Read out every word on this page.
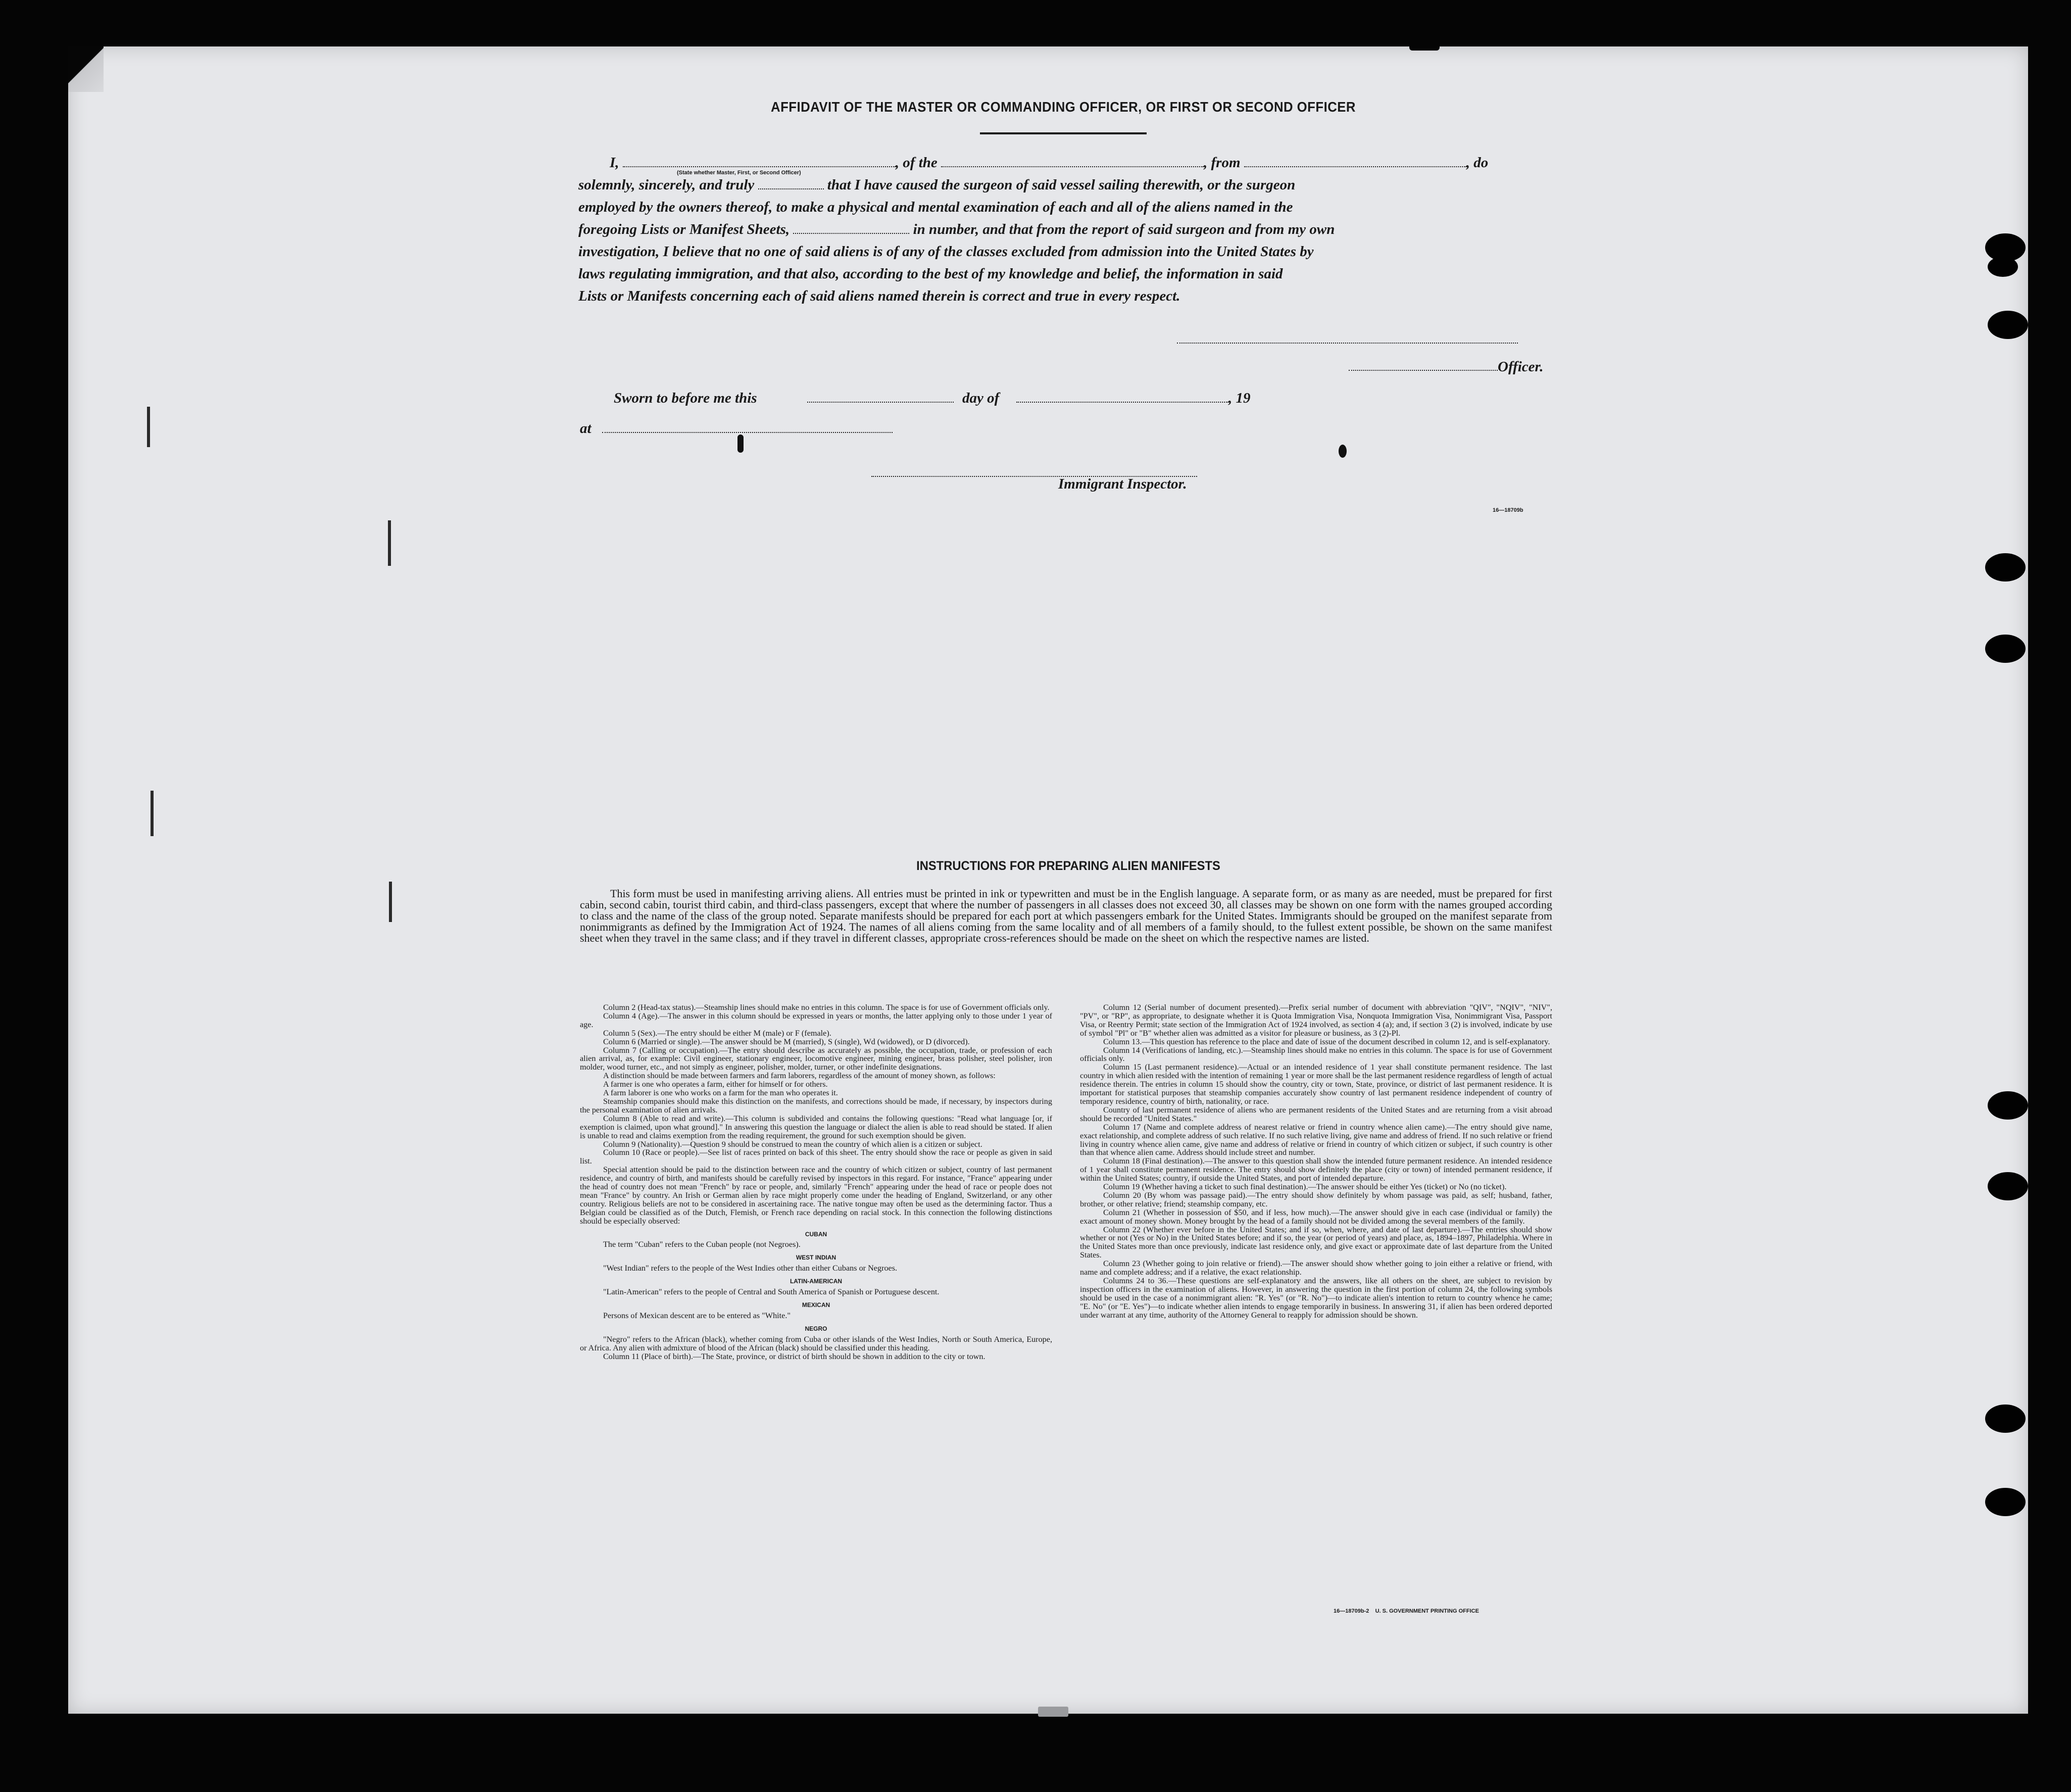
AFFIDAVIT OF THE MASTER OR COMMANDING OFFICER, OR FIRST OR SECOND OFFICER

I,	, of the	, from	, do

solemnly, sincerely, and truly	that I have caused the surgeon of said vessel sailing therewith, or the surgeon

employed by the owners thereof, to make a physical and mental examination of each and all of the aliens named in the

foregoing Lists or Manifest Sheets,	in number, and that from the report of said surgeon and from my own

investigation, I believe that no one of said aliens is of any of the classes excluded from admission into the United States by

laws regulating immigration, and that also, according to the best of my knowledge and belief, the information in said

Lists or Manifests concerning each of said aliens named therein is correct and true in every respect.

(State whether Master, First, or Second Officer)
Officer.
Sworn to before me this	day of	, 19
at
Immigrant Inspector.
16—18709b
INSTRUCTIONS FOR PREPARING ALIEN MANIFESTS
This form must be used in manifesting arriving aliens. All entries must be printed in ink or typewritten and must be in the English language. A separate form, or as many as are needed, must be prepared for first cabin, second cabin, tourist third cabin, and third-class passengers, except that where the number of passengers in all classes does not exceed 30, all classes may be shown on one form with the names grouped according to class and the name of the class of the group noted. Separate manifests should be prepared for each port at which passengers embark for the United States. Immigrants should be grouped on the manifest separate from nonimmigrants as defined by the Immigration Act of 1924. The names of all aliens coming from the same locality and of all members of a family should, to the fullest extent possible, be shown on the same manifest sheet when they travel in the same class; and if they travel in different classes, appropriate cross-references should be made on the sheet on which the respective names are listed.

Column 2 (Head-tax status).—Steamship lines should make no entries in this column. The space is for use of Government officials only.

Column 4 (Age).—The answer in this column should be expressed in years or months, the latter applying only to those under 1 year of age.

Column 5 (Sex).—The entry should be either M (male) or F (female).

Column 6 (Married or single).—The answer should be M (married), S (single), Wd (widowed), or D (divorced).

Column 7 (Calling or occupation).—The entry should describe as accurately as possible, the occupation, trade, or profession of each alien arrival, as, for example: Civil engineer, stationary engineer, locomotive engineer, mining engineer, brass polisher, steel polisher, iron molder, wood turner, etc., and not simply as engineer, polisher, molder, turner, or other indefinite designations.

A distinction should be made between farmers and farm laborers, regardless of the amount of money shown, as follows:

A farmer is one who operates a farm, either for himself or for others.

A farm laborer is one who works on a farm for the man who operates it.

Steamship companies should make this distinction on the manifests, and corrections should be made, if necessary, by inspectors during the personal examination of alien arrivals.

Column 8 (Able to read and write).—This column is subdivided and contains the following questions: "Read what language [or, if exemption is claimed, upon what ground]." In answering this question the language or dialect the alien is able to read should be stated. If alien is unable to read and claims exemption from the reading requirement, the ground for such exemption should be given.

Column 9 (Nationality).—Question 9 should be construed to mean the country of which alien is a citizen or subject.

Column 10 (Race or people).—See list of races printed on back of this sheet. The entry should show the race or people as given in said list.

Special attention should be paid to the distinction between race and the country of which citizen or subject, country of last permanent residence, and country of birth, and manifests should be carefully revised by inspectors in this regard. For instance, "France" appearing under the head of country does not mean "French" by race or people, and, similarly "French" appearing under the head of race or people does not mean "France" by country. An Irish or German alien by race might properly come under the heading of England, Switzerland, or any other country. Religious beliefs are not to be considered in ascertaining race. The native tongue may often be used as the determining factor. Thus a Belgian could be classified as of the Dutch, Flemish, or French race depending on racial stock. In this connection the following distinctions should be especially observed:

CUBAN

The term "Cuban" refers to the Cuban people (not Negroes).

WEST INDIAN

"West Indian" refers to the people of the West Indies other than either Cubans or Negroes.

LATIN-AMERICAN

"Latin-American" refers to the people of Central and South America of Spanish or Portuguese descent.

MEXICAN

Persons of Mexican descent are to be entered as "White."

NEGRO

"Negro" refers to the African (black), whether coming from Cuba or other islands of the West Indies, North or South America, Europe, or Africa. Any alien with admixture of blood of the African (black) should be classified under this heading.

Column 11 (Place of birth).—The State, province, or district of birth should be shown in addition to the city or town.

Column 12 (Serial number of document presented).—Prefix serial number of document with abbreviation "QIV", "NQIV", "NIV", "PV", or "RP", as appropriate, to designate whether it is Quota Immigration Visa, Nonquota Immigration Visa, Nonimmigrant Visa, Passport Visa, or Reentry Permit; state section of the Immigration Act of 1924 involved, as section 4 (a); and, if section 3 (2) is involved, indicate by use of symbol "Pl" or "B" whether alien was admitted as a visitor for pleasure or business, as 3 (2)-Pl.

Column 13.—This question has reference to the place and date of issue of the document described in column 12, and is self-explanatory.

Column 14 (Verifications of landing, etc.).—Steamship lines should make no entries in this column. The space is for use of Government officials only.

Column 15 (Last permanent residence).—Actual or an intended residence of 1 year shall constitute permanent residence. The last country in which alien resided with the intention of remaining 1 year or more shall be the last permanent residence regardless of length of actual residence therein. The entries in column 15 should show the country, city or town, State, province, or district of last permanent residence. It is important for statistical purposes that steamship companies accurately show country of last permanent residence independent of country of temporary residence, country of birth, nationality, or race.

Country of last permanent residence of aliens who are permanent residents of the United States and are returning from a visit abroad should be recorded "United States."

Column 17 (Name and complete address of nearest relative or friend in country whence alien came).—The entry should give name, exact relationship, and complete address of such relative. If no such relative living, give name and address of friend. If no such relative or friend living in country whence alien came, give name and address of relative or friend in country of which citizen or subject, if such country is other than that whence alien came. Address should include street and number.

Column 18 (Final destination).—The answer to this question shall show the intended future permanent residence. An intended residence of 1 year shall constitute permanent residence. The entry should show definitely the place (city or town) of intended permanent residence, if within the United States; country, if outside the United States, and port of intended departure.

Column 19 (Whether having a ticket to such final destination).—The answer should be either Yes (ticket) or No (no ticket).

Column 20 (By whom was passage paid).—The entry should show definitely by whom passage was paid, as self; husband, father, brother, or other relative; friend; steamship company, etc.

Column 21 (Whether in possession of $50, and if less, how much).—The answer should give in each case (individual or family) the exact amount of money shown. Money brought by the head of a family should not be divided among the several members of the family.

Column 22 (Whether ever before in the United States; and if so, when, where, and date of last departure).—The entries should show whether or not (Yes or No) in the United States before; and if so, the year (or period of years) and place, as, 1894–1897, Philadelphia. Where in the United States more than once previously, indicate last residence only, and give exact or approximate date of last departure from the United States.

Column 23 (Whether going to join relative or friend).—The answer should show whether going to join either a relative or friend, with name and complete address; and if a relative, the exact relationship.

Columns 24 to 36.—These questions are self-explanatory and the answers, like all others on the sheet, are subject to revision by inspection officers in the examination of aliens. However, in answering the question in the first portion of column 24, the following symbols should be used in the case of a nonimmigrant alien: "R. Yes" (or "R. No")—to indicate alien's intention to return to country whence he came; "E. No" (or "E. Yes")—to indicate whether alien intends to engage temporarily in business. In answering 31, if alien has been ordered deported under warrant at any time, authority of the Attorney General to reapply for admission should be shown.

16—18709b-2 U. S. GOVERNMENT PRINTING OFFICE
